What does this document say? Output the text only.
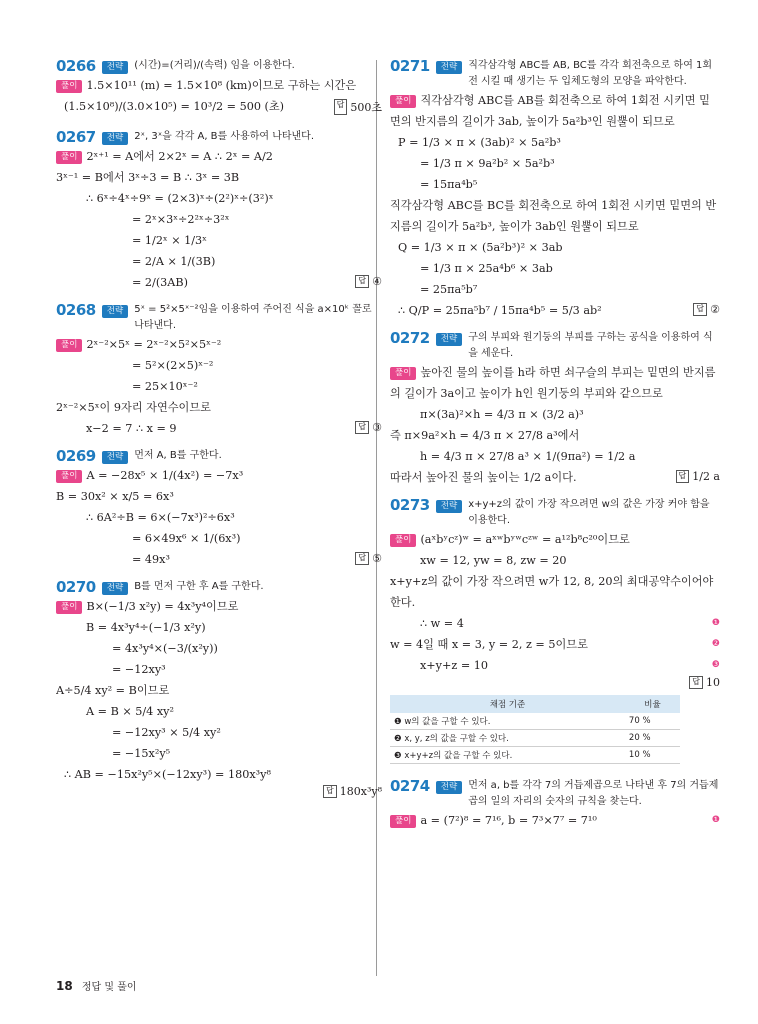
0266	전략	(시간)=(거리)/(속력) 임을 이용한다.
풀이 1.5×10¹¹ (m) = 1.5×10⁸ (km)이므로 구하는 시간은
(1.5×10⁸)/(3.0×10⁵) = 10³/2 = 500 (초)	답 500초
0267	전략	2ˣ, 3ˣ을 각각 A, B를 사용하여 나타낸다.
풀이 2ˣ⁺¹ = A에서 2×2ˣ = A ∴ 2ˣ = A/2
3ˣ⁻¹ = B에서 3ˣ÷3 = B ∴ 3ˣ = 3B
∴ 6ˣ÷4ˣ÷9ˣ = (2×3)ˣ÷(2²)ˣ÷(3²)ˣ
= 2ˣ×3ˣ÷2²ˣ÷3²ˣ
= 1/2ˣ × 1/3ˣ
= 2/A × 1/(3B)
= 2/(3AB)	답 ④
0268	전략	5ˣ = 5²×5ˣ⁻²임을 이용하여 주어진 식을 a×10ᵏ 꼴로 나타낸다.
풀이 2ˣ⁻²×5ˣ = 2ˣ⁻²×5²×5ˣ⁻²
= 5²×(2×5)ˣ⁻²
= 25×10ˣ⁻²
2ˣ⁻²×5ˣ이 9자리 자연수이므로
x−2 = 7 ∴ x = 9	답 ③
0269	전략	먼저 A, B를 구한다.
풀이 A = −28x⁵ × 1/(4x²) = −7x³
B = 30x² × x/5 = 6x³
∴ 6A²÷B = 6×(−7x³)²÷6x³
= 6×49x⁶ × 1/(6x³)
= 49x³	답 ⑤
0270	전략	B를 먼저 구한 후 A를 구한다.
풀이 B×(−1/3 x²y) = 4x³y⁴이므로
B = 4x³y⁴÷(−1/3 x²y)
= 4x³y⁴×(−3/(x²y))
= −12xy³
A÷5/4 xy² = B이므로
A = B × 5/4 xy²
= −12xy³ × 5/4 xy²
= −15x²y⁵
∴ AB = −15x²y⁵×(−12xy³) = 180x³y⁸
답 180x³y⁸
0271	전략	직각삼각형 ABC를 AB, BC를 각각 회전축으로 하여 1회전 시킬 때 생기는 두 입체도형의 모양을 파악한다.
풀이 직각삼각형 ABC를 AB를 회전축으로 하여 1회전 시키면 밑면의 반지름의 길이가 3ab, 높이가 5a²b³인 원뿔이 되므로
P = 1/3 × π × (3ab)² × 5a²b³
= 1/3 π × 9a²b² × 5a²b³
= 15πa⁴b⁵
직각삼각형 ABC를 BC를 회전축으로 하여 1회전 시키면 밑면의 반지름의 길이가 5a²b³, 높이가 3ab인 원뿔이 되므로
Q = 1/3 × π × (5a²b³)² × 3ab
= 1/3 π × 25a⁴b⁶ × 3ab
= 25πa⁵b⁷
∴ Q/P = 25πa⁵b⁷ / 15πa⁴b⁵ = 5/3 ab²	답 ②
0272	전략	구의 부피와 원기둥의 부피를 구하는 공식을 이용하여 식을 세운다.
풀이 높아진 물의 높이를 h라 하면 쇠구슬의 부피는 밑면의 반지름의 길이가 3a이고 높이가 h인 원기둥의 부피와 같으므로
π×(3a)²×h = 4/3 π × (3/2 a)³
즉 π×9a²×h = 4/3 π × 27/8 a³에서
h = 4/3 π × 27/8 a³ × 1/(9πa²) = 1/2 a
따라서 높아진 물의 높이는 1/2 a이다.	답 1/2 a
0273	전략	x+y+z의 값이 가장 작으려면 w의 값은 가장 커야 함을 이용한다.
풀이 (aˣbʸcᶻ)ʷ = aˣʷbʸʷcᶻʷ = a¹²b⁸c²⁰이므로
xw = 12, yw = 8, zw = 20
x+y+z의 값이 가장 작으려면 w가 12, 8, 20의 최대공약수이어야 한다.
∴ w = 4	❶
w = 4일 때 x = 3, y = 2, z = 5이므로	❷
x+y+z = 10	❸
답 10
채점 기준	비율
❶ w의 값을 구할 수 있다.	70 %
❷ x, y, z의 값을 구할 수 있다.	20 %
❸ x+y+z의 값을 구할 수 있다.	10 %
0274	전략	먼저 a, b를 각각 7의 거듭제곱으로 나타낸 후 7의 거듭제곱의 일의 자리의 숫자의 규칙을 찾는다.
풀이 a = (7²)⁸ = 7¹⁶, b = 7³×7⁷ = 7¹⁰	❶
18 정답 및 풀이
